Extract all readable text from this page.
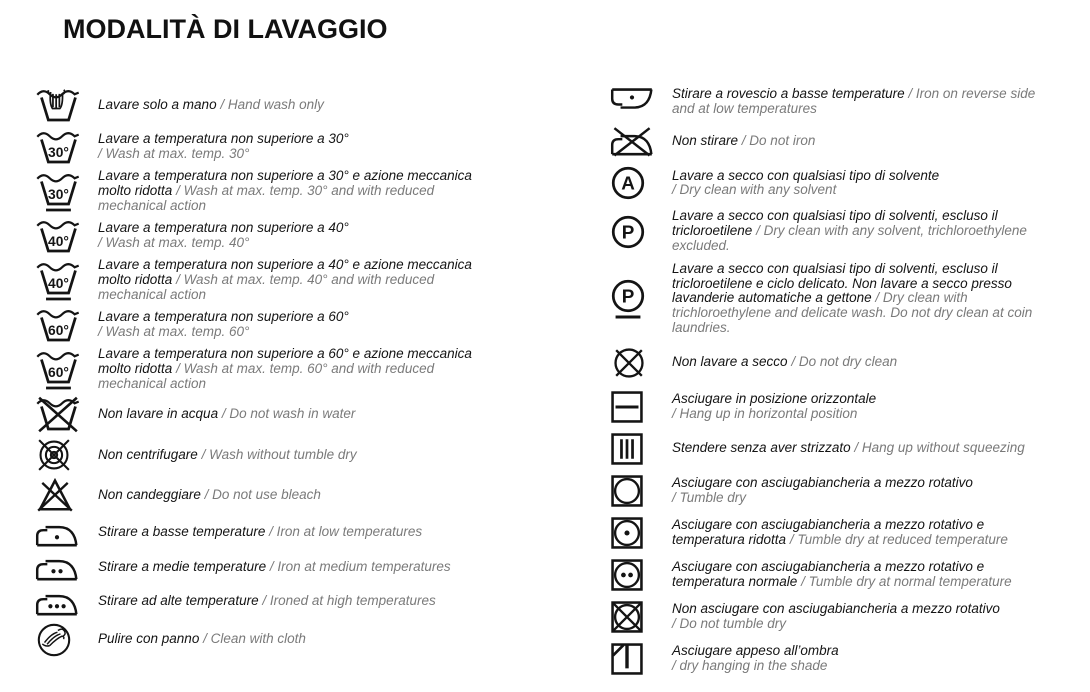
MODALITÀ DI LAVAGGIO
Lavare solo a mano / Hand wash only
30°
Lavare a temperatura non superiore a 30°
/ Wash at max. temp. 30°
30°
Lavare a temperatura non superiore a 30° e azione meccanica molto ridotta / Wash at max. temp. 30° and with reduced mechanical action
40°
Lavare a temperatura non superiore a 40°
/ Wash at max. temp. 40°
40°
Lavare a temperatura non superiore a 40° e azione meccanica molto ridotta / Wash at max. temp. 40° and with reduced mechanical action
60°
Lavare a temperatura non superiore a 60°
/ Wash at max. temp. 60°
60°
Lavare a temperatura non superiore a 60° e azione meccanica molto ridotta / Wash at max. temp. 60° and with reduced mechanical action
Non lavare in acqua / Do not wash in water
Non centrifugare / Wash without tumble dry
Non candeggiare / Do not use bleach
Stirare a basse temperature / Iron at low temperatures
Stirare a medie temperature / Iron at medium temperatures
Stirare ad alte temperature / Ironed at high temperatures
Pulire con panno / Clean with cloth
Stirare a rovescio a basse temperature / Iron on reverse side and at low temperatures
Non stirare / Do not iron
A	Lavare a secco con qualsiasi tipo di solvente
/ Dry clean with any solvent
P
Lavare a secco con qualsiasi tipo di solventi, escluso il tricloroetilene / Dry clean with any solvent, trichloroethylene excluded.
P
Lavare a secco con qualsiasi tipo di solventi, escluso il tricloroetilene e ciclo delicato. Non lavare a secco presso lavanderie automatiche a gettone / Dry clean with trichloroethylene and delicate wash. Do not dry clean at coin laundries.
Non lavare a secco / Do not dry clean
Asciugare in posizione orizzontale
/ Hang up in horizontal position
Stendere senza aver strizzato / Hang up without squeezing
Asciugare con asciugabiancheria a mezzo rotativo
/ Tumble dry
Asciugare con asciugabiancheria a mezzo rotativo e temperatura ridotta / Tumble dry at reduced temperature
Asciugare con asciugabiancheria a mezzo rotativo e temperatura normale / Tumble dry at normal temperature
Non asciugare con asciugabiancheria a mezzo rotativo
/ Do not tumble dry
Asciugare appeso all’ombra
/ dry hanging in the shade
